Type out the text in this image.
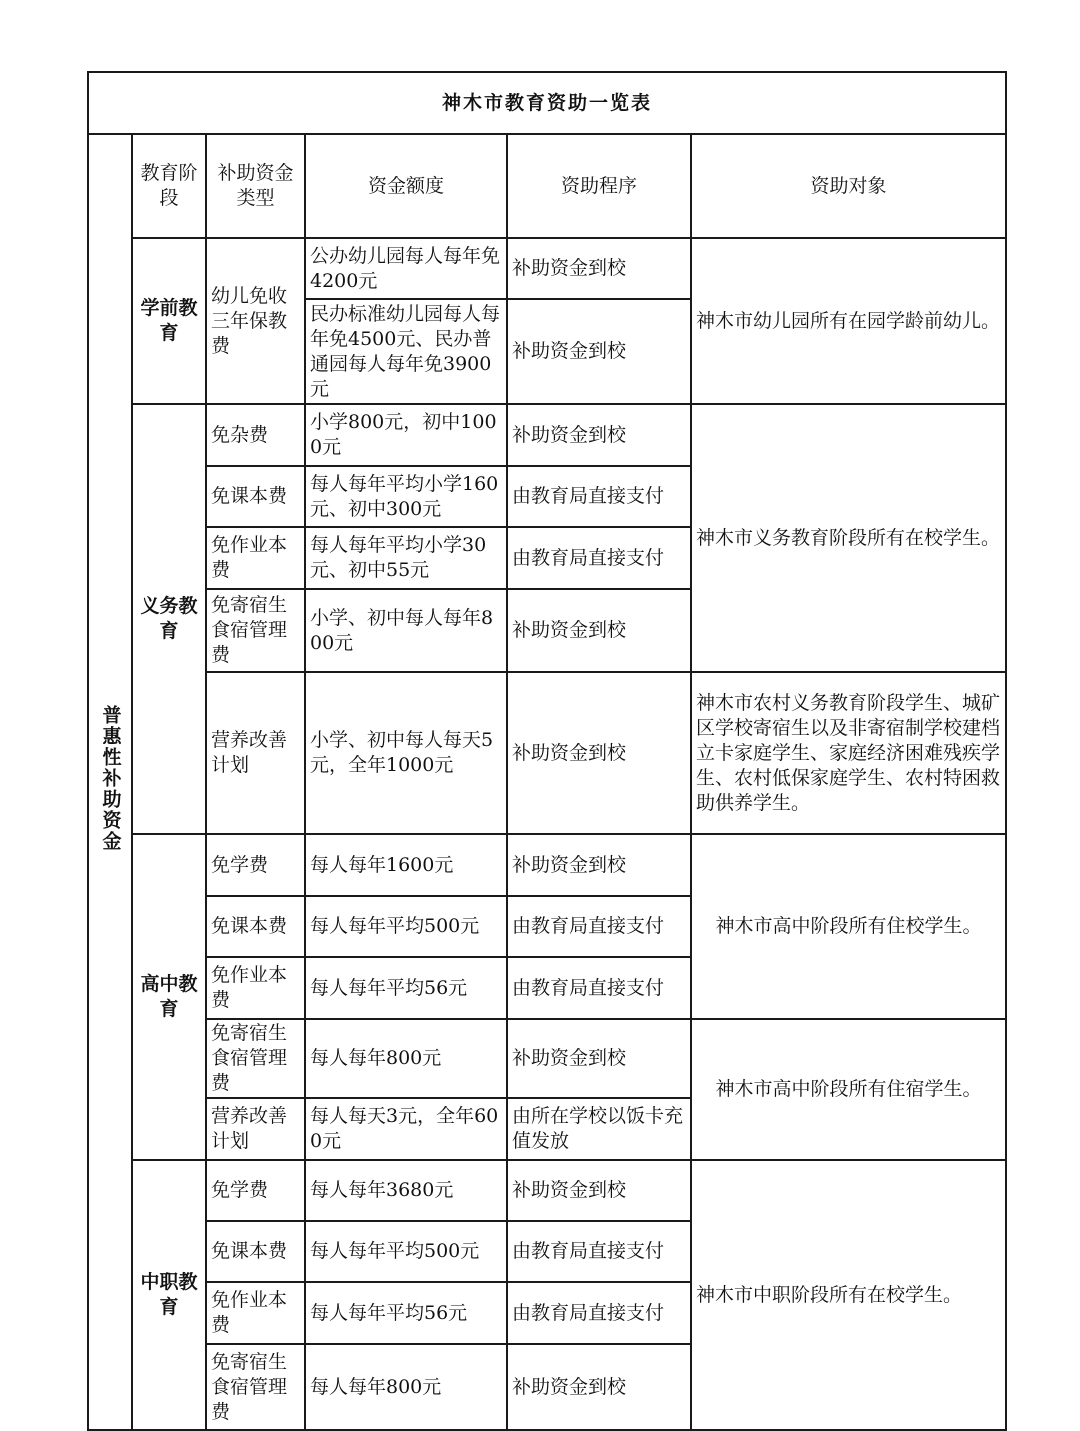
神木市教育资助一览表					
普惠性补助资金	教育阶段	补助资金类型	资金额度	资助程序	资助对象
	学前教育	幼儿免收三年保教费	公办幼儿园每人每年免4200元	补助资金到校	神木市幼儿园所有在园学龄前幼儿。
			民办标准幼儿园每人每年免4500元、民办普通园每人每年免3900元	补助资金到校	
	义务教育	免杂费	小学800元，初中1000元	补助资金到校	神木市义务教育阶段所有在校学生。
		免课本费	每人每年平均小学160元、初中300元	由教育局直接支付	
		免作业本费	每人每年平均小学30元、初中55元	由教育局直接支付	
		免寄宿生食宿管理费	小学、初中每人每年800元	补助资金到校	
		营养改善计划	小学、初中每人每天5元，全年1000元	补助资金到校	神木市农村义务教育阶段学生、城矿区学校寄宿生以及非寄宿制学校建档立卡家庭学生、家庭经济困难残疾学生、农村低保家庭学生、农村特困救助供养学生。
	高中教育	免学费	每人每年1600元	补助资金到校	神木市高中阶段所有住校学生。
		免课本费	每人每年平均500元	由教育局直接支付	
		免作业本费	每人每年平均56元	由教育局直接支付	
		免寄宿生食宿管理费	每人每年800元	补助资金到校	神木市高中阶段所有住宿学生。
		营养改善计划	每人每天3元，全年600元	由所在学校以饭卡充值发放	
	中职教育	免学费	每人每年3680元	补助资金到校	神木市中职阶段所有在校学生。
		免课本费	每人每年平均500元	由教育局直接支付	
		免作业本费	每人每年平均56元	由教育局直接支付	
		免寄宿生食宿管理费	每人每年800元	补助资金到校	
